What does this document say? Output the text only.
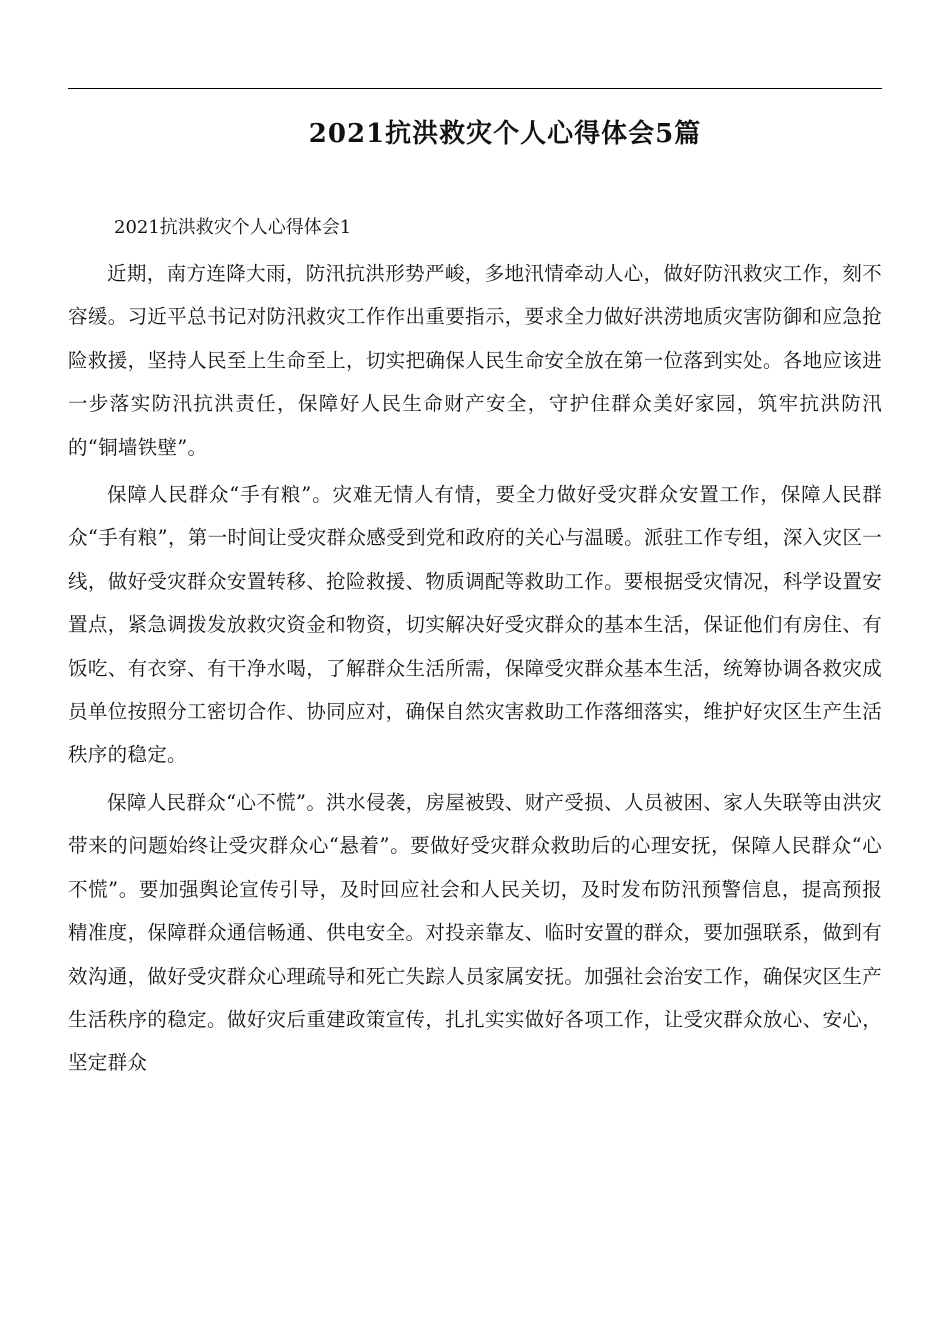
2021抗洪救灾个人心得体会5篇
2021抗洪救灾个人心得体会1

近期，南方连降大雨，防汛抗洪形势严峻，多地汛情牵动人心，做好防汛救灾工作，刻不容缓。习近平总书记对防汛救灾工作作出重要指示，要求全力做好洪涝地质灾害防御和应急抢险救援，坚持人民至上生命至上，切实把确保人民生命安全放在第一位落到实处。各地应该进一步落实防汛抗洪责任，保障好人民生命财产安全，守护住群众美好家园，筑牢抗洪防汛的“铜墙铁壁”。

保障人民群众“手有粮”。灾难无情人有情，要全力做好受灾群众安置工作，保障人民群众“手有粮”，第一时间让受灾群众感受到党和政府的关心与温暖。派驻工作专组，深入灾区一线，做好受灾群众安置转移、抢险救援、物质调配等救助工作。要根据受灾情况，科学设置安置点，紧急调拨发放救灾资金和物资，切实解决好受灾群众的基本生活，保证他们有房住、有饭吃、有衣穿、有干净水喝，了解群众生活所需，保障受灾群众基本生活，统筹协调各救灾成员单位按照分工密切合作、协同应对，确保自然灾害救助工作落细落实，维护好灾区生产生活秩序的稳定。

保障人民群众“心不慌”。洪水侵袭，房屋被毁、财产受损、人员被困、家人失联等由洪灾带来的问题始终让受灾群众心“悬着”。要做好受灾群众救助后的心理安抚，保障人民群众“心不慌”。要加强舆论宣传引导，及时回应社会和人民关切，及时发布防汛预警信息，提高预报精准度，保障群众通信畅通、供电安全。对投亲靠友、临时安置的群众，要加强联系，做到有效沟通，做好受灾群众心理疏导和死亡失踪人员家属安抚。加强社会治安工作，确保灾区生产生活秩序的稳定。做好灾后重建政策宣传，扎扎实实做好各项工作，让受灾群众放心、安心，坚定群众
